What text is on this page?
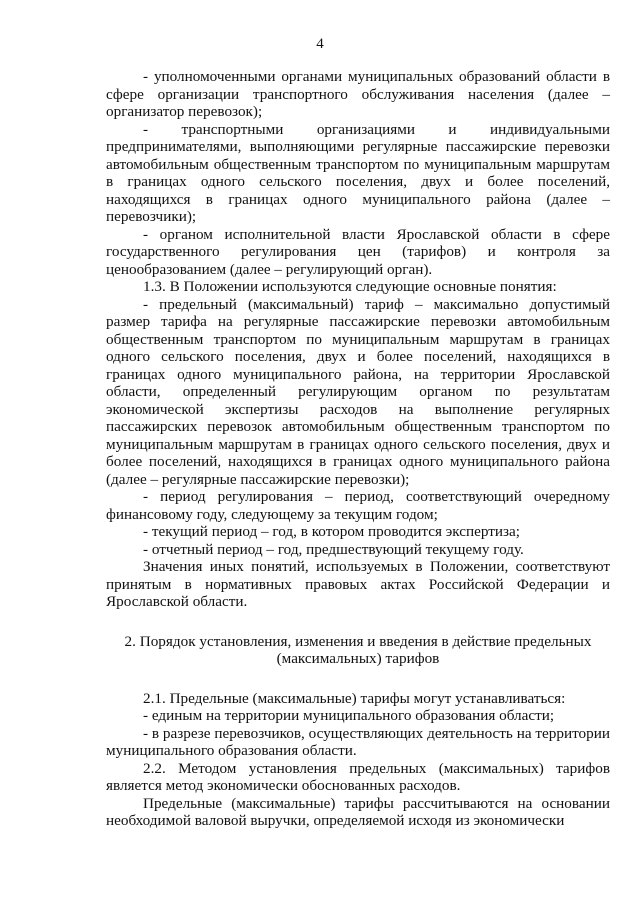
4

- уполномоченными органами муниципальных образований области в сфере организации транспортного обслуживания населения (далее – организатор перевозок);

- транспортными организациями и индивидуальными предпринимателями, выполняющими регулярные пассажирские перевозки автомобильным общественным транспортом по муниципальным маршрутам в границах одного сельского поселения, двух и более поселений, находящихся в границах одного муниципального района (далее – перевозчики);

- органом исполнительной власти Ярославской области в сфере государственного регулирования цен (тарифов) и контроля за ценообразованием (далее – регулирующий орган).

1.3. В Положении используются следующие основные понятия:

- предельный (максимальный) тариф – максимально допустимый размер тарифа на регулярные пассажирские перевозки автомобильным общественным транспортом по муниципальным маршрутам в границах одного сельского поселения, двух и более поселений, находящихся в границах одного муниципального района, на территории Ярославской области, определенный регулирующим органом по результатам экономической экспертизы расходов на выполнение регулярных пассажирских перевозок автомобильным общественным транспортом по муниципальным маршрутам в границах одного сельского поселения, двух и более поселений, находящихся в границах одного муниципального района (далее – регулярные пассажирские перевозки);

- период регулирования – период, соответствующий очередному финансовому году, следующему за текущим годом;

- текущий период – год, в котором проводится экспертиза;

- отчетный период – год, предшествующий текущему году.

Значения иных понятий, используемых в Положении, соответствуют принятым в нормативных правовых актах Российской Федерации и Ярославской области.

2. Порядок установления, изменения и введения в действие предельных
(максимальных) тарифов

2.1. Предельные (максимальные) тарифы могут устанавливаться:

- единым на территории муниципального образования области;

- в разрезе перевозчиков, осуществляющих деятельность на территории муниципального образования области.

2.2. Методом установления предельных (максимальных) тарифов является метод экономически обоснованных расходов.

Предельные (максимальные) тарифы рассчитываются на основании необходимой валовой выручки, определяемой исходя из экономически
